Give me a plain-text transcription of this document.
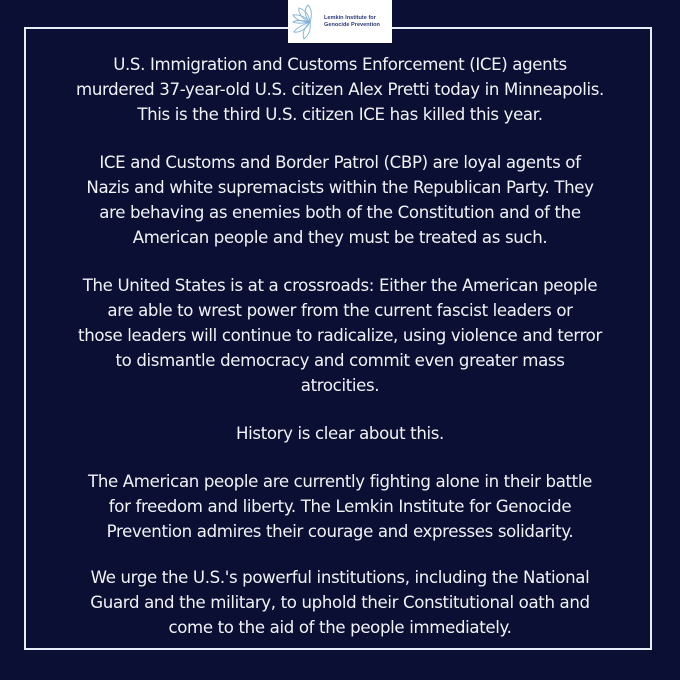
Lemkin Institute for
Genocide Prevention

U.S. Immigration and Customs Enforcement (ICE) agents
murdered 37-year-old U.S. citizen Alex Pretti today in Minneapolis.
This is the third U.S. citizen ICE has killed this year.

ICE and Customs and Border Patrol (CBP) are loyal agents of
Nazis and white supremacists within the Republican Party. They
are behaving as enemies both of the Constitution and of the
American people and they must be treated as such.

The United States is at a crossroads: Either the American people
are able to wrest power from the current fascist leaders or
those leaders will continue to radicalize, using violence and terror
to dismantle democracy and commit even greater mass
atrocities.

History is clear about this.

The American people are currently fighting alone in their battle
for freedom and liberty. The Lemkin Institute for Genocide
Prevention admires their courage and expresses solidarity.

We urge the U.S.'s powerful institutions, including the National
Guard and the military, to uphold their Constitutional oath and
come to the aid of the people immediately.
